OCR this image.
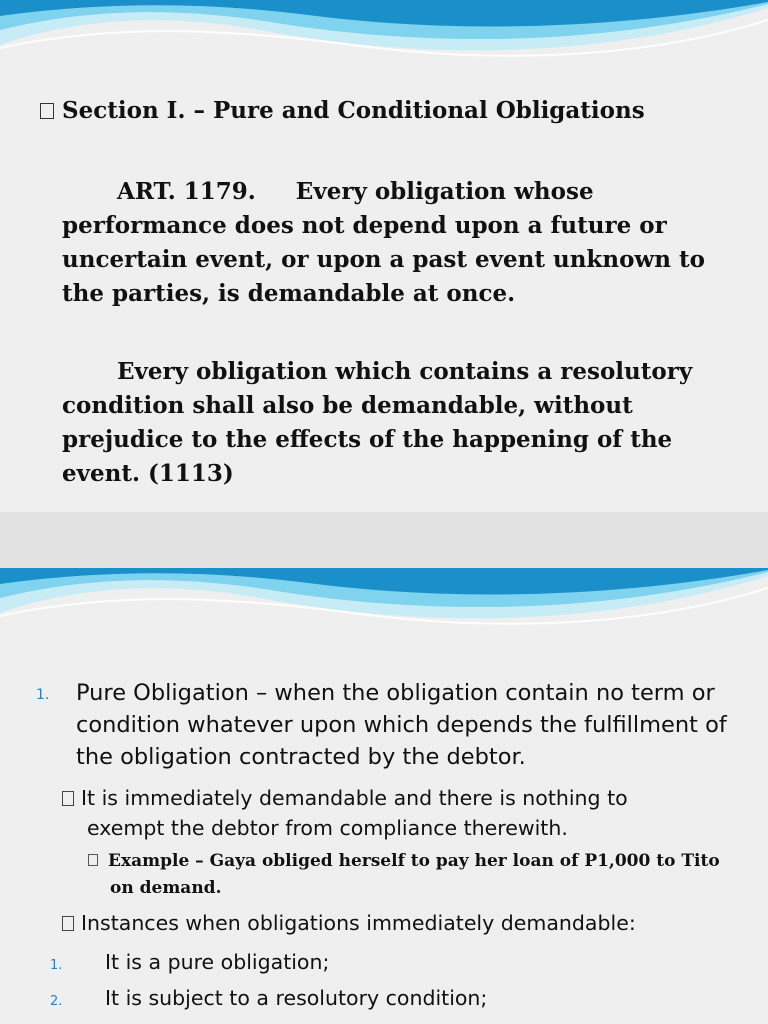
Section I. – Pure and Conditional Obligations
ART. 1179. Every obligation whose performance does not depend upon a future or uncertain event, or upon a past event unknown to the parties, is demandable at once.
Every obligation which contains a resolutory condition shall also be demandable, without prejudice to the effects of the happening of the event. (1113)
1. Pure Obligation – when the obligation contain no term or condition whatever upon which depends the fulfillment of the obligation contracted by the debtor.
It is immediately demandable and there is nothing to
exempt the debtor from compliance therewith.
Example – Gaya obliged herself to pay her loan of P1,000 to Tito
on demand.
Instances when obligations immediately demandable:
1. It is a pure obligation;
2. It is subject to a resolutory condition;
